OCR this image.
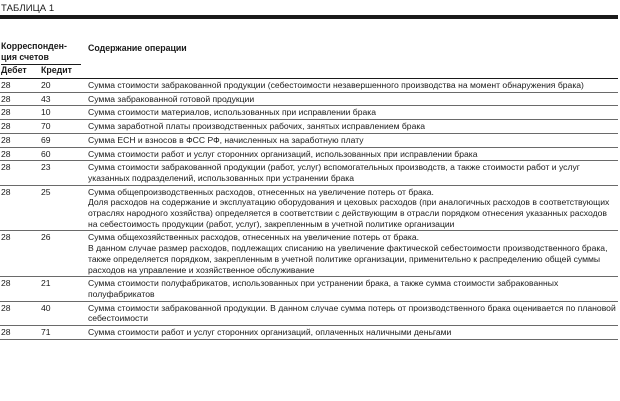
ТАБЛИЦА 1
Корреспонден-
ция счетов		Содержание операции
Дебет	Кредит	
28	20	Сумма стоимости забракованной продукции (себестоимости незавершенного производства на момент обнаружения брака)

28	43	Сумма забракованной готовой продукции

28	10	Сумма стоимости материалов, использованных при исправлении брака

28	70	Сумма заработной платы производственных рабочих, занятых исправлением брака

28	69	Сумма ЕСН и взносов в ФСС РФ, начисленных на заработную плату

28	60	Сумма стоимости работ и услуг сторонних организаций, использованных при исправлении брака

28	23	Сумма стоимости забракованной продукции (работ, услуг) вспомогательных производств, а также стоимости работ и услуг указанных подразделений, использованных при устранении брака

28	25	Сумма общепроизводственных расходов, отнесенных на увеличение потерь от брака.
Доля расходов на содержание и эксплуатацию оборудования и цеховых расходов (при аналогичных расходов в соответствующих отраслях народного хозяйства) определяется в соответствии с действующим в отрасли порядком отнесения указанных расходов на себестоимость продукции (работ, услуг), закрепленным в учетной политике организации

28	26	Сумма общехозяйственных расходов, отнесенных на увеличение потерь от брака.
В данном случае размер расходов, подлежащих списанию на увеличение фактической себестоимости производственного брака, также определяется порядком, закрепленным в учетной политике организации, применительно к распределению общей суммы расходов на управление и хозяйственное обслуживание

28	21	Сумма стоимости полуфабрикатов, использованных при устранении брака, а также сумма стоимости забракованных полуфабрикатов

28	40	Сумма стоимости забракованной продукции. В данном случае сумма потерь от производственного брака оценивается по плановой себестоимости

28	71	Сумма стоимости работ и услуг сторонних организаций, оплаченных наличными деньгами
